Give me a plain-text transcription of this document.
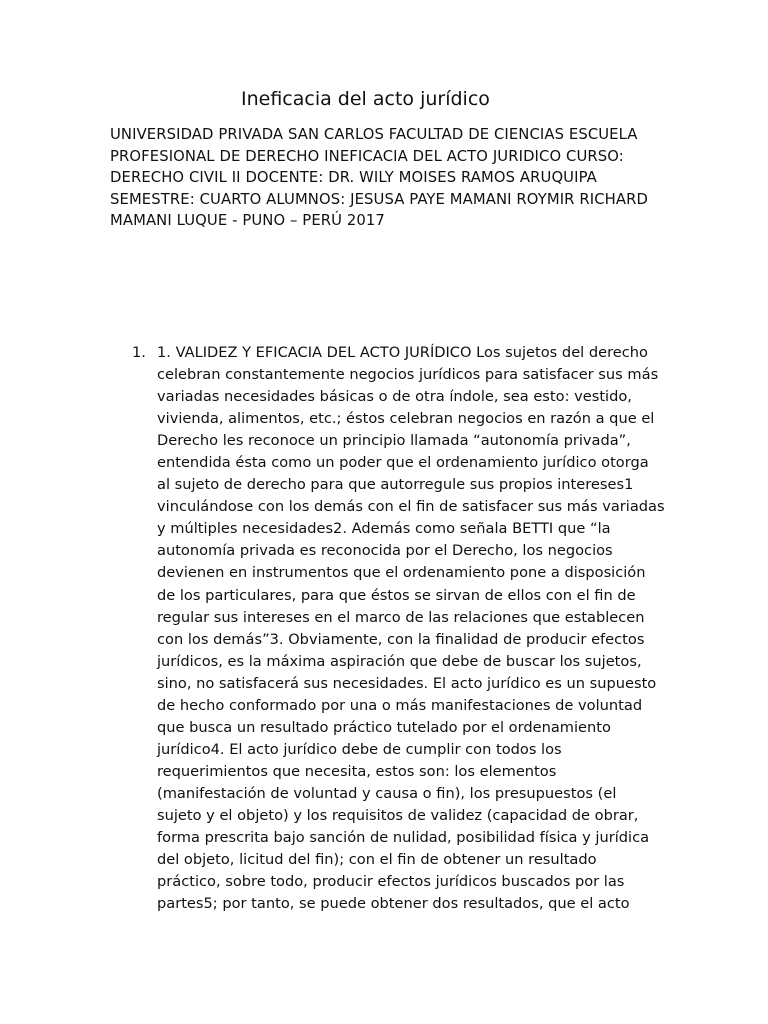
Ineficacia del acto jurídico
UNIVERSIDAD PRIVADA SAN CARLOS FACULTAD DE CIENCIAS ESCUELA
PROFESIONAL DE DERECHO INEFICACIA DEL ACTO JURIDICO CURSO:
DERECHO CIVIL II DOCENTE: DR. WILY MOISES RAMOS ARUQUIPA
SEMESTRE: CUARTO ALUMNOS: JESUSA PAYE MAMANI ROYMIR RICHARD
MAMANI LUQUE - PUNO – PERÚ 2017
1. 1. VALIDEZ Y EFICACIA DEL ACTO JURÍDICO Los sujetos del derecho
celebran constantemente negocios jurídicos para satisfacer sus más
variadas necesidades básicas o de otra índole, sea esto: vestido,
vivienda, alimentos, etc.; éstos celebran negocios en razón a que el
Derecho les reconoce un principio llamada “autonomía privada”,
entendida ésta como un poder que el ordenamiento jurídico otorga
al sujeto de derecho para que autorregule sus propios intereses1
vinculándose con los demás con el fin de satisfacer sus más variadas
y múltiples necesidades2. Además como señala BETTI que “la
autonomía privada es reconocida por el Derecho, los negocios
devienen en instrumentos que el ordenamiento pone a disposición
de los particulares, para que éstos se sirvan de ellos con el fin de
regular sus intereses en el marco de las relaciones que establecen
con los demás”3. Obviamente, con la finalidad de producir efectos
jurídicos, es la máxima aspiración que debe de buscar los sujetos,
sino, no satisfacerá sus necesidades. El acto jurídico es un supuesto
de hecho conformado por una o más manifestaciones de voluntad
que busca un resultado práctico tutelado por el ordenamiento
jurídico4. El acto jurídico debe de cumplir con todos los
requerimientos que necesita, estos son: los elementos
(manifestación de voluntad y causa o fin), los presupuestos (el
sujeto y el objeto) y los requisitos de validez (capacidad de obrar,
forma prescrita bajo sanción de nulidad, posibilidad física y jurídica
del objeto, licitud del fin); con el fin de obtener un resultado
práctico, sobre todo, producir efectos jurídicos buscados por las
partes5; por tanto, se puede obtener dos resultados, que el acto
